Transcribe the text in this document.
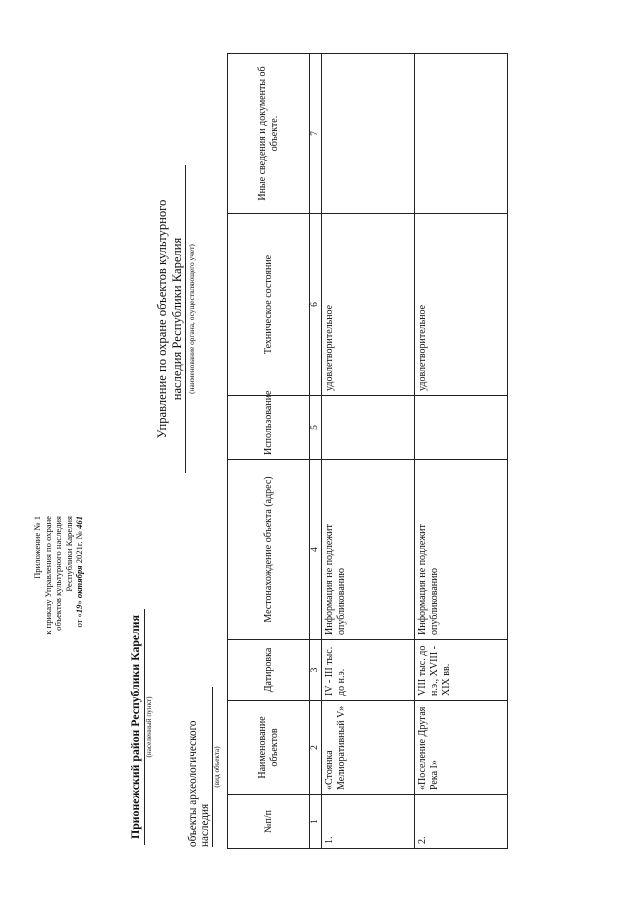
Приложение № 1 к приказу Управления по охране объектов культурного наследия Республики Карелия
от «19» октября 2021г. № 461
Управление по охране объектов культурного наследия Республики Карелия (наименование органа, осуществляющего учет)
Прионежский район Республики Карелия (населенный пункт)	объекты археологического наследия
(вид объекта)
№п/п	Наименование объектов	Датировка	Местонахождение объекта (адрес)	Использование	Техническое состояние	Иные сведения и документы об объекте.
1	2	3	4	5	6	7
1.	«Стоянка Мелиоративный V»	IV - III тыс. до н.э.	Информация не подлежит опубликованию		удовлетворительное	
2.	«Поселение Другая Река I»	VIII тыс. до н.э., XVIII - XIX вв.	Информация не подлежит опубликованию		удовлетворительное	
